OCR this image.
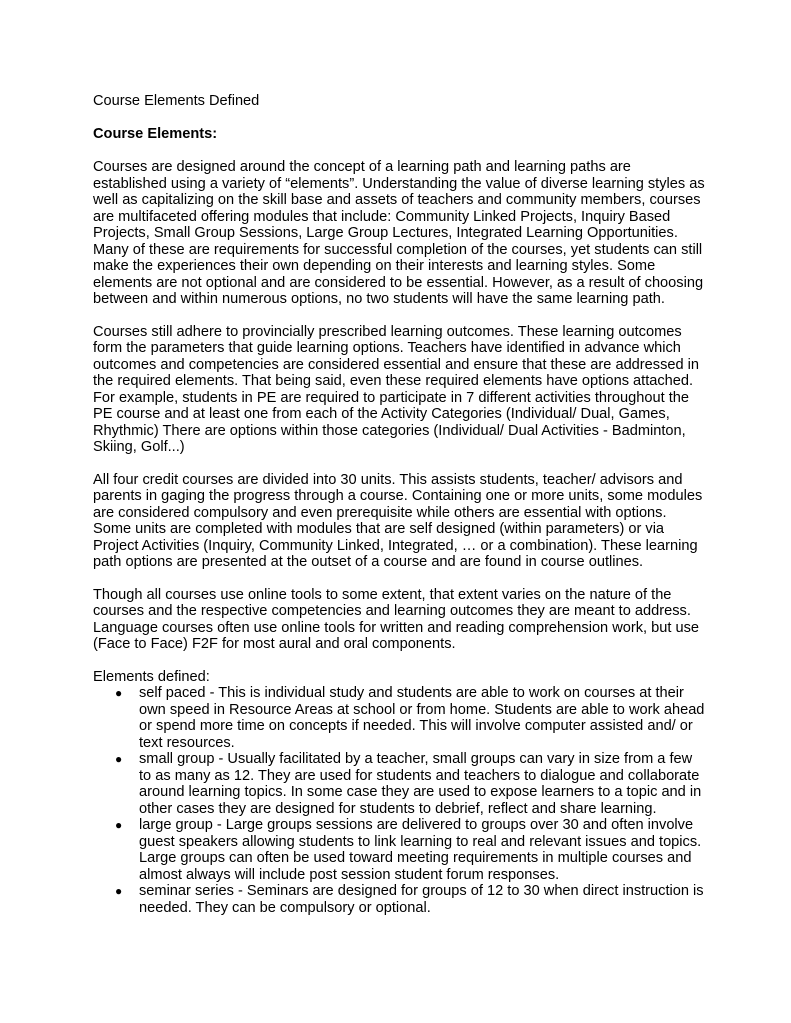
Course Elements Defined

Course Elements:

Courses are designed around the concept of a learning path and learning paths are established using a variety of “elements”. Understanding the value of diverse learning styles as well as capitalizing on the skill base and assets of teachers and community members, courses are multifaceted offering modules that include: Community Linked Projects, Inquiry Based Projects, Small Group Sessions, Large Group Lectures, Integrated Learning Opportunities. Many of these are requirements for successful completion of the courses, yet students can still make the experiences their own depending on their interests and learning styles. Some elements are not optional and are considered to be essential. However, as a result of choosing between and within numerous options, no two students will have the same learning path.

Courses still adhere to provincially prescribed learning outcomes. These learning outcomes form the parameters that guide learning options. Teachers have identified in advance which outcomes and competencies are considered essential and ensure that these are addressed in the required elements. That being said, even these required elements have options attached. For example, students in PE are required to participate in 7 different activities throughout the PE course and at least one from each of the Activity Categories (Individual/ Dual, Games, Rhythmic) There are options within those categories (Individual/ Dual Activities - Badminton, Skiing, Golf...)

All four credit courses are divided into 30 units. This assists students, teacher/ advisors and parents in gaging the progress through a course. Containing one or more units, some modules are considered compulsory and even prerequisite while others are essential with options. Some units are completed with modules that are self designed (within parameters) or via Project Activities (Inquiry, Community Linked, Integrated, … or a combination). These learning path options are presented at the outset of a course and are found in course outlines.

Though all courses use online tools to some extent, that extent varies on the nature of the courses and the respective competencies and learning outcomes they are meant to address. Language courses often use online tools for written and reading comprehension work, but use (Face to Face) F2F for most aural and oral components.

Elements defined:

● self paced - This is individual study and students are able to work on courses at their own speed in Resource Areas at school or from home. Students are able to work ahead or spend more time on concepts if needed. This will involve computer assisted and/ or text resources.
● small group - Usually facilitated by a teacher, small groups can vary in size from a few to as many as 12. They are used for students and teachers to dialogue and collaborate around learning topics. In some case they are used to expose learners to a topic and in other cases they are designed for students to debrief, reflect and share learning.
● large group - Large groups sessions are delivered to groups over 30 and often involve guest speakers allowing students to link learning to real and relevant issues and topics. Large groups can often be used toward meeting requirements in multiple courses and almost always will include post session student forum responses.
● seminar series - Seminars are designed for groups of 12 to 30 when direct instruction is needed. They can be compulsory or optional.
